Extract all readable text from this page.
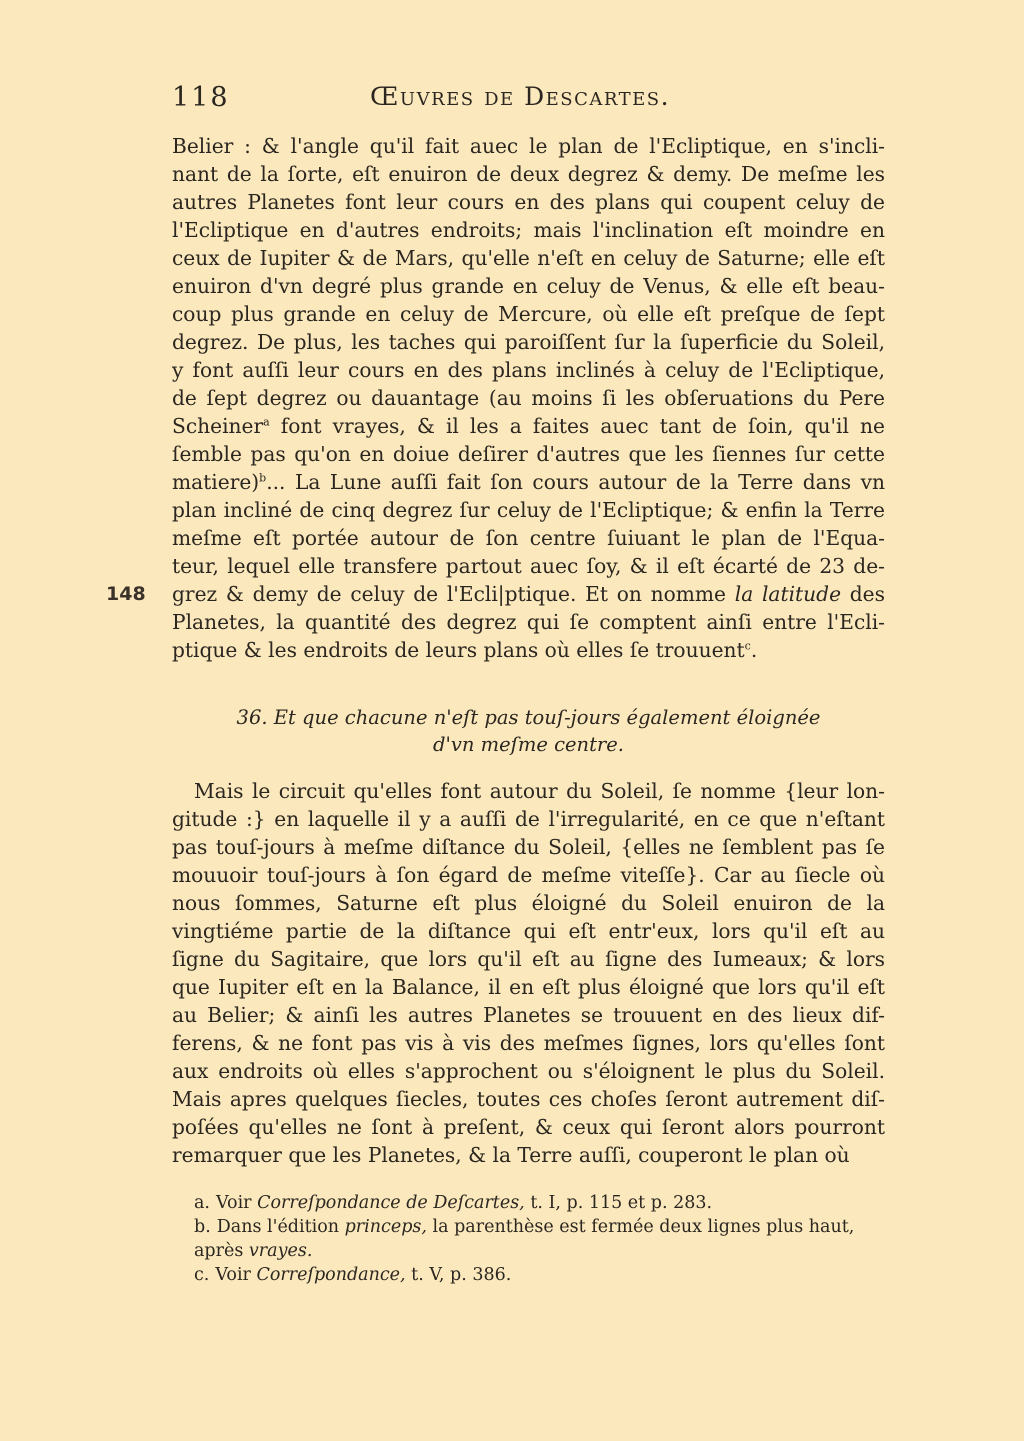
118	Œuvres de Descartes.
148
Belier : & l'angle qu'il fait auec le plan de l'Ecliptique, en s'incli-
nant de la ſorte, eſt enuiron de deux degrez & demy. De meſme les
autres Planetes font leur cours en des plans qui coupent celuy de
l'Ecliptique en d'autres endroits; mais l'inclination eſt moindre en
ceux de Iupiter & de Mars, qu'elle n'eſt en celuy de Saturne; elle eſt
enuiron d'vn degré plus grande en celuy de Venus, & elle eſt beau-
coup plus grande en celuy de Mercure, où elle eſt preſque de ſept
degrez. De plus, les taches qui paroiſſent ſur la ſuperficie du Soleil,
y font auſſi leur cours en des plans inclinés à celuy de l'Ecliptique,
de ſept degrez ou dauantage (au moins ſi les obſeruations du Pere
Scheiner$^a$ font vrayes, & il les a faites auec tant de ſoin, qu'il ne
ſemble pas qu'on en doiue deſirer d'autres que les ſiennes ſur cette
matiere)$^b$... La Lune auſſi fait ſon cours autour de la Terre dans vn
plan incliné de cinq degrez ſur celuy de l'Ecliptique; & enfin la Terre
meſme eſt portée autour de ſon centre ſuiuant le plan de l'Equa-
teur, lequel elle transfere partout auec ſoy, & il eſt écarté de 23 de-
grez & demy de celuy de l'Ecli|ptique. Et on nomme la latitude des
Planetes, la quantité des degrez qui ſe comptent ainſi entre l'Ecli-
ptique & les endroits de leurs plans où elles ſe trouuent$^c$.
36. Et que chacune n'eſt pas touſ-jours également éloignée
d'vn meſme centre.
Mais le circuit qu'elles font autour du Soleil, ſe nomme {leur lon-
gitude :} en laquelle il y a auſſi de l'irregularité, en ce que n'eſtant
pas touſ-jours à meſme diſtance du Soleil, {elles ne ſemblent pas ſe
mouuoir touſ-jours à ſon égard de meſme viteſſe}. Car au ſiecle où
nous ſommes, Saturne eſt plus éloigné du Soleil enuiron de la
vingtiéme partie de la diſtance qui eſt entr'eux, lors qu'il eſt au
ſigne du Sagitaire, que lors qu'il eſt au ſigne des Iumeaux; & lors
que Iupiter eſt en la Balance, il en eſt plus éloigné que lors qu'il eſt
au Belier; & ainſi les autres Planetes se trouuent en des lieux dif-
ferens, & ne font pas vis à vis des meſmes ſignes, lors qu'elles ſont
aux endroits où elles s'approchent ou s'éloignent le plus du Soleil.
Mais apres quelques ſiecles, toutes ces choſes ſeront autrement diſ-
poſées qu'elles ne ſont à preſent, & ceux qui ſeront alors pourront
remarquer que les Planetes, & la Terre auſſi, couperont le plan où
a. Voir Correſpondance de Deſcartes, t. I, p. 115 et p. 283.
b. Dans l'édition princeps, la parenthèse est fermée deux lignes plus haut, après vrayes.
c. Voir Correſpondance, t. V, p. 386.
